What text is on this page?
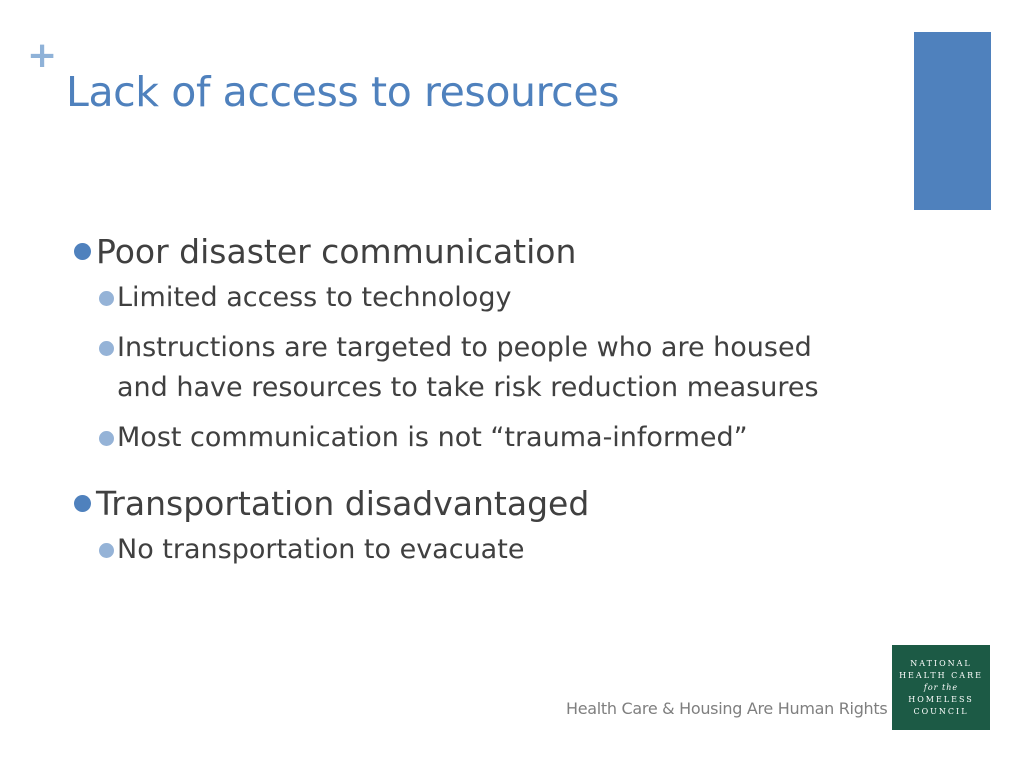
+
Lack of access to resources
Poor disaster communication
Limited access to technology
Instructions are targeted to people who are housed
and have resources to take risk reduction measures
Most communication is not “trauma-informed”
Transportation disadvantaged
No transportation to evacuate
Health Care & Housing Are Human Rights
NATIONAL
HEALTH CARE
for the
HOMELESS
COUNCIL
